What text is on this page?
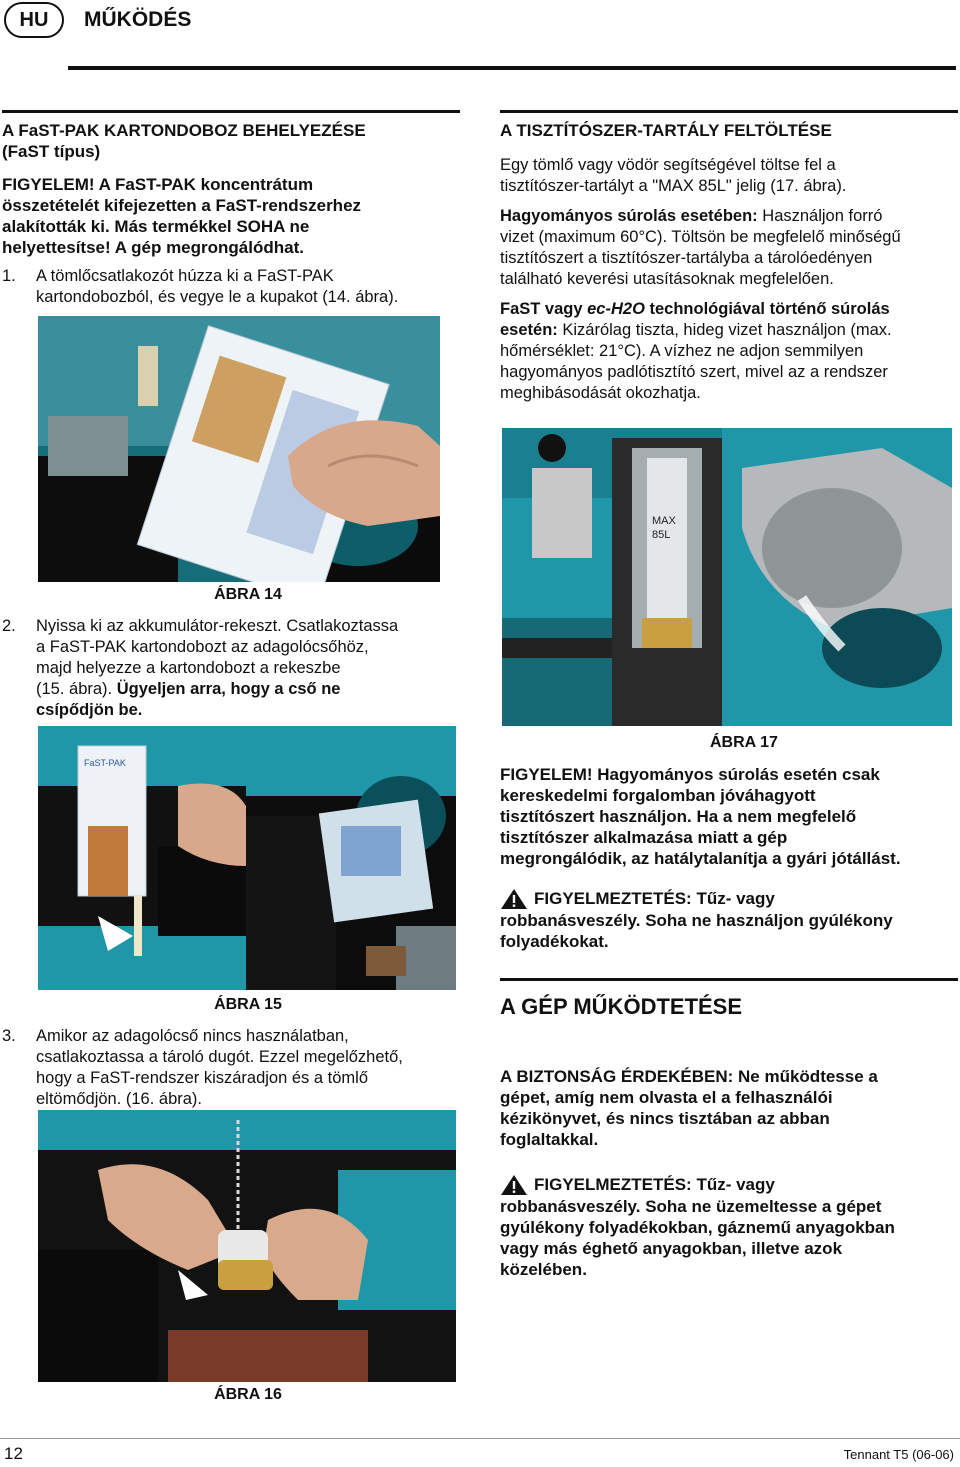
HU MŰKÖDÉS
A FaST-PAK KARTONDOBOZ BEHELYEZÉSE
(FaST típus)
FIGYELEM! A FaST-PAK koncentrátum
összetételét kifejezetten a FaST-rendszerhez
alakították ki. Más termékkel SOHA ne
helyettesítse! A gép megrongálódhat.
1.	A tömlőcsatlakozót húzza ki a FaST-PAK
kartondobozból, és vegye le a kupakot (14. ábra).
ÁBRA 14
2.	Nyissa ki az akkumulátor-rekeszt. Csatlakoztassa
a FaST-PAK kartondobozt az adagolócsőhöz,
majd helyezze a kartondobozt a rekeszbe
(15. ábra). Ügyeljen arra, hogy a cső ne
csípődjön be.
FaST-PAK
ÁBRA 15
3.	Amikor az adagolócső nincs használatban,
csatlakoztassa a tároló dugót. Ezzel megelőzhető,
hogy a FaST-rendszer kiszáradjon és a tömlő
eltömődjön. (16. ábra).
ÁBRA 16
A TISZTÍTÓSZER-TARTÁLY FELTÖLTÉSE
Egy tömlő vagy vödör segítségével töltse fel a
tisztítószer-tartályt a "MAX 85L" jelig (17. ábra).
Hagyományos súrolás esetében: Használjon forró
vizet (maximum 60°C). Töltsön be megfelelő minőségű
tisztítószert a tisztítószer-tartályba a tárolóedényen
található keverési utasításoknak megfelelően.
FaST vagy ec-H2O technológiával történő súrolás
esetén: Kizárólag tiszta, hideg vizet használjon (max.
hőmérséklet: 21°C). A vízhez ne adjon semmilyen
hagyományos padlótisztító szert, mivel az a rendszer
meghibásodását okozhatja.
MAX
85L
ÁBRA 17
FIGYELEM! Hagyományos súrolás esetén csak
kereskedelmi forgalomban jóváhagyott
tisztítószert használjon. Ha a nem megfelelő
tisztítószer alkalmazása miatt a gép
megrongálódik, az hatálytalanítja a gyári jótállást.
FIGYELMEZTETÉS: Tűz- vagy
robbanásveszély. Soha ne használjon gyúlékony
folyadékokat.
A GÉP MŰKÖDTETÉSE
A BIZTONSÁG ÉRDEKÉBEN: Ne működtesse a
gépet, amíg nem olvasta el a felhasználói
kézikönyvet, és nincs tisztában az abban
foglaltakkal.
FIGYELMEZTETÉS: Tűz- vagy
robbanásveszély. Soha ne üzemeltesse a gépet
gyúlékony folyadékokban, gáznemű anyagokban
vagy más éghető anyagokban, illetve azok
közelében.
12	Tennant T5 (06-06)
